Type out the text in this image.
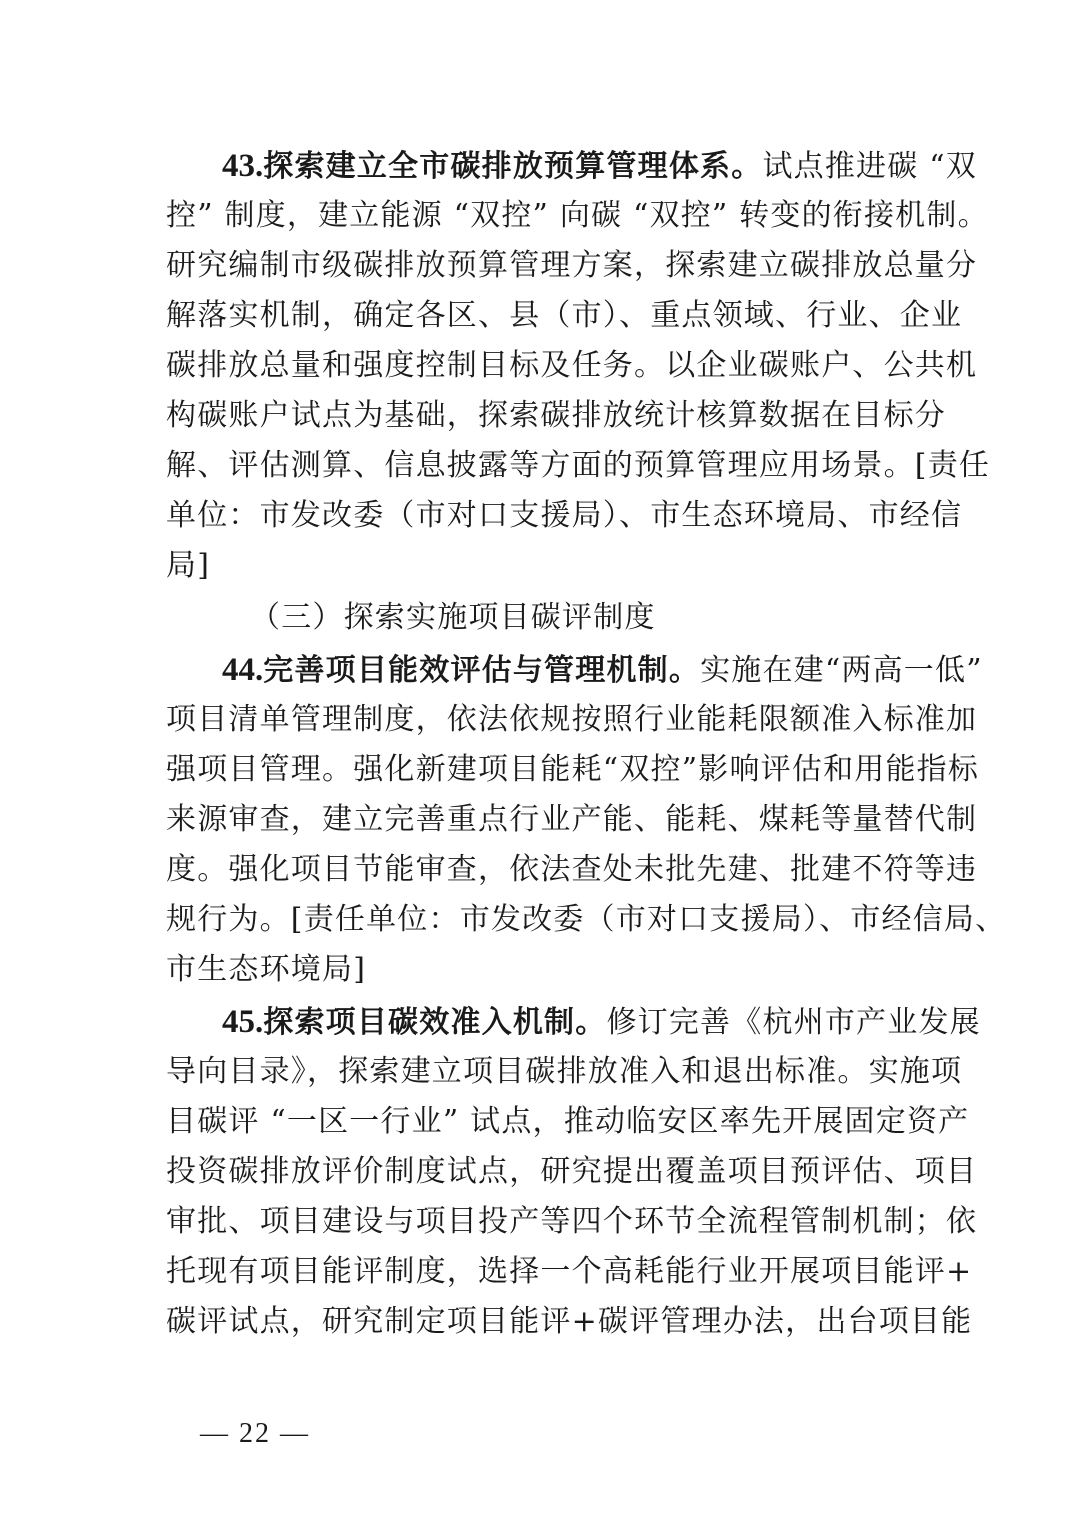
43.探索建立全市碳排放预算管理体系。试点推进碳 “双
控” 制度，建立能源 “双控” 向碳 “双控” 转变的衔接机制。
研究编制市级碳排放预算管理方案，探索建立碳排放总量分
解落实机制，确定各区、县（市）、重点领域、行业、企业
碳排放总量和强度控制目标及任务。以企业碳账户、公共机
构碳账户试点为基础，探索碳排放统计核算数据在目标分
解、评估测算、信息披露等方面的预算管理应用场景。[责任
单位：市发改委（市对口支援局）、市生态环境局、市经信
局]
（三）探索实施项目碳评制度
44.完善项目能效评估与管理机制。实施在建“两高一低”
项目清单管理制度，依法依规按照行业能耗限额准入标准加
强项目管理。强化新建项目能耗“双控”影响评估和用能指标
来源审查，建立完善重点行业产能、能耗、煤耗等量替代制
度。强化项目节能审查，依法查处未批先建、批建不符等违
规行为。[责任单位：市发改委（市对口支援局）、市经信局、
市生态环境局]
45.探索项目碳效准入机制。修订完善《杭州市产业发展
导向目录》，探索建立项目碳排放准入和退出标准。实施项
目碳评 “一区一行业” 试点，推动临安区率先开展固定资产
投资碳排放评价制度试点，研究提出覆盖项目预评估、项目
审批、项目建设与项目投产等四个环节全流程管制机制；依
托现有项目能评制度，选择一个高耗能行业开展项目能评+
碳评试点，研究制定项目能评+碳评管理办法，出台项目能
— 22 —
